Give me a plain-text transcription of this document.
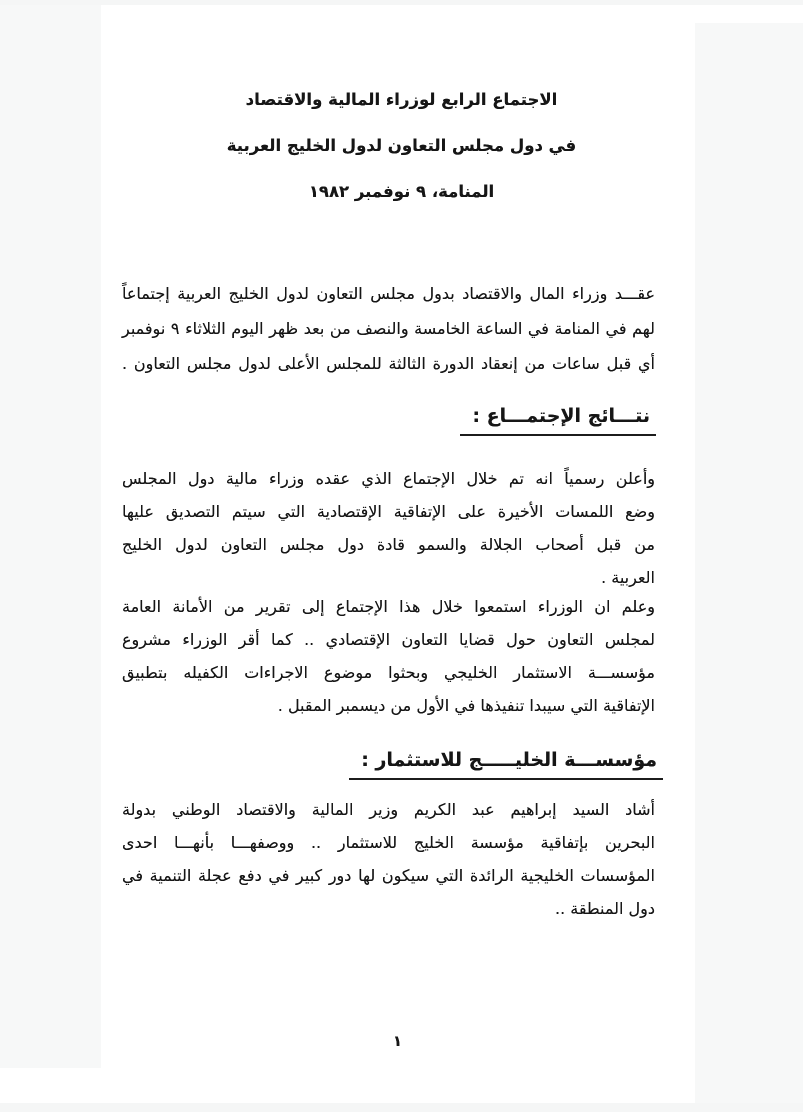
الاجتماع الرابع لوزراء المالية والاقتصاد
في دول مجلس التعاون لدول الخليج العربية
المنامة، ٩ نوفمبر ١٩٨٢
عقـــد وزراء المال والاقتصاد بدول مجلس التعاون لدول الخليج العربية إجتماعاً
لهم في المنامة في الساعة الخامسة والنصف من بعد ظهر اليوم الثلاثاء ٩ نوفمبر
أي قبل ساعات من إنعقاد الدورة الثالثة للمجلس الأعلى لدول مجلس التعاون .
نتـــائج الإجتمـــاع :
وأعلن رسمياً انه تم خلال الإجتماع الذي عقده وزراء مالية دول المجلس
وضع اللمسات الأخيرة على الإتفاقية الإقتصادية التي سيتم التصديق عليها
من قبل أصحاب الجلالة والسمو قادة دول مجلس التعاون لدول الخليج
العربية .
وعلم ان الوزراء استمعوا خلال هذا الإجتماع إلى تقرير من الأمانة العامة
لمجلس التعاون حول قضايا التعاون الإقتصادي .. كما أقر الوزراء مشروع
مؤسســـة الاستثمار الخليجي وبحثوا موضوع الاجراءات الكفيله بتطبيق
الإتفاقية التي سيبدا تنفيذها في الأول من ديسمبر المقبل .
مؤسســـة الخليـــــج للاستثمار :
أشاد السيد إبراهيم عبد الكريم وزير المالية والاقتصاد الوطني بدولة
البحرين بإتفاقية مؤسسة الخليج للاستثمار .. ووصفهـــا بأنهـــا احدى
المؤسسات الخليجية الرائدة التي سيكون لها دور كبير في دفع عجلة التنمية في
دول المنطقة ..
١
